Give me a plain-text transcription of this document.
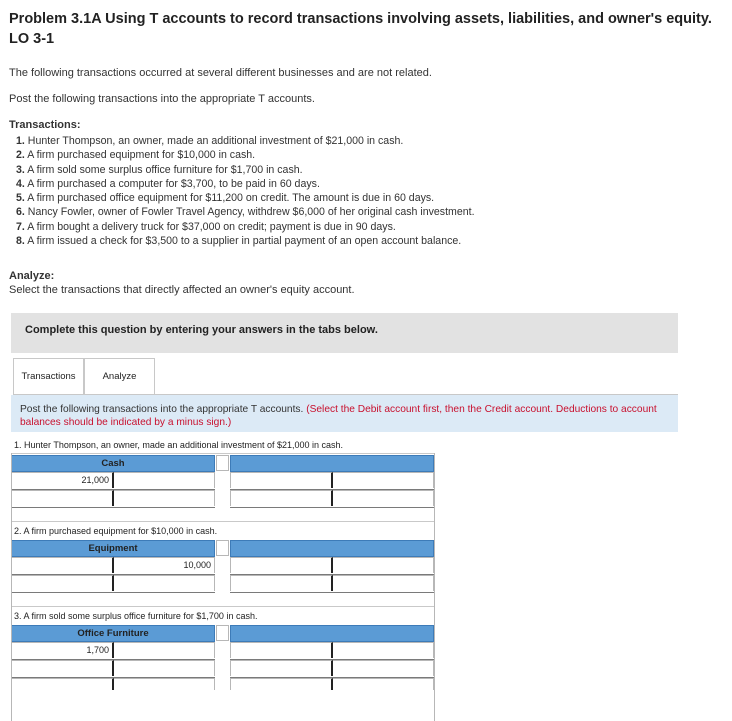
Problem 3.1A Using T accounts to record transactions involving assets, liabilities, and owner's equity. LO 3-1
The following transactions occurred at several different businesses and are not related.
Post the following transactions into the appropriate T accounts.
Transactions:
1. Hunter Thompson, an owner, made an additional investment of $21,000 in cash.
2. A firm purchased equipment for $10,000 in cash.
3. A firm sold some surplus office furniture for $1,700 in cash.
4. A firm purchased a computer for $3,700, to be paid in 60 days.
5. A firm purchased office equipment for $11,200 on credit. The amount is due in 60 days.
6. Nancy Fowler, owner of Fowler Travel Agency, withdrew $6,000 of her original cash investment.
7. A firm bought a delivery truck for $37,000 on credit; payment is due in 90 days.
8. A firm issued a check for $3,500 to a supplier in partial payment of an open account balance.
Analyze:
Select the transactions that directly affected an owner's equity account.
Complete this question by entering your answers in the tabs below.
Transactions	Analyze
Post the following transactions into the appropriate T accounts. (Select the Debit account first, then the Credit account. Deductions to account balances should be indicated by a minus sign.)
1. Hunter Thompson, an owner, made an additional investment of $21,000 in cash.
Cash
21,000
2. A firm purchased equipment for $10,000 in cash.
Equipment
10,000
3. A firm sold some surplus office furniture for $1,700 in cash.
Office Furniture
1,700
